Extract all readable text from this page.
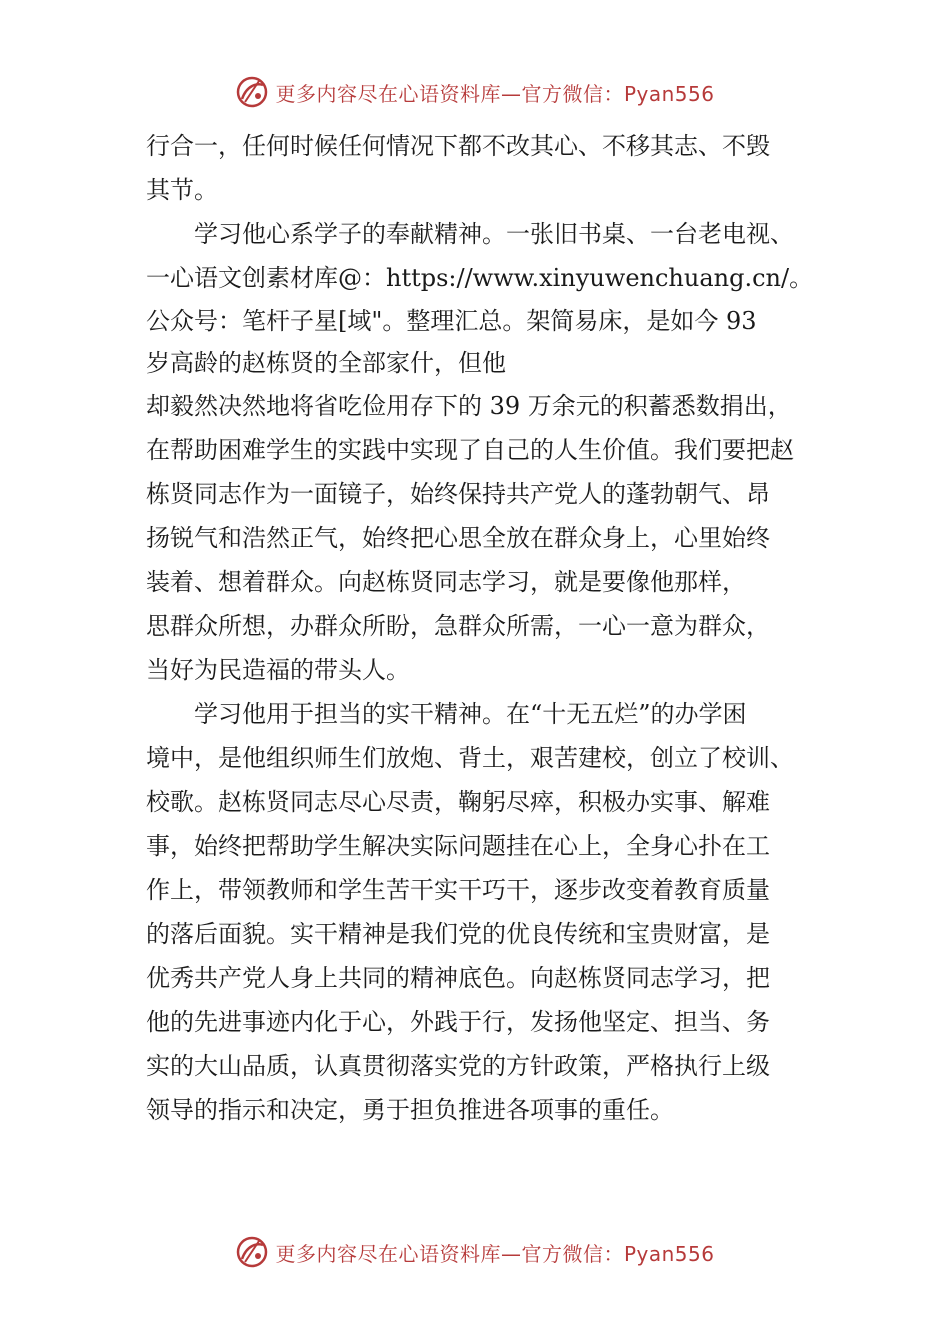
更多内容尽在心语资料库—官方微信：Pyan556
行合一，任何时候任何情况下都不改其心、不移其志、不毁
其节。
学习他心系学子的奉献精神。一张旧书桌、一台老电视、
一心语文创素材库@：https://www.xinyuwenchuang.cn/。
公众号：笔杆子星[域"。整理汇总。架简易床，是如今 93
岁高龄的赵栋贤的全部家什，但他
却毅然决然地将省吃俭用存下的 39 万余元的积蓄悉数捐出，
在帮助困难学生的实践中实现了自己的人生价值。我们要把赵
栋贤同志作为一面镜子，始终保持共产党人的蓬勃朝气、昂
扬锐气和浩然正气，始终把心思全放在群众身上，心里始终
装着、想着群众。向赵栋贤同志学习，就是要像他那样，
思群众所想，办群众所盼，急群众所需，一心一意为群众，
当好为民造福的带头人。
学习他用于担当的实干精神。在“十无五烂”的办学困
境中，是他组织师生们放炮、背土，艰苦建校，创立了校训、
校歌。赵栋贤同志尽心尽责，鞠躬尽瘁，积极办实事、解难
事，始终把帮助学生解决实际问题挂在心上，全身心扑在工
作上，带领教师和学生苦干实干巧干，逐步改变着教育质量
的落后面貌。实干精神是我们党的优良传统和宝贵财富，是
优秀共产党人身上共同的精神底色。向赵栋贤同志学习，把
他的先进事迹内化于心，外践于行，发扬他坚定、担当、务
实的大山品质，认真贯彻落实党的方针政策，严格执行上级
领导的指示和决定，勇于担负推进各项事的重任。
更多内容尽在心语资料库—官方微信：Pyan556
